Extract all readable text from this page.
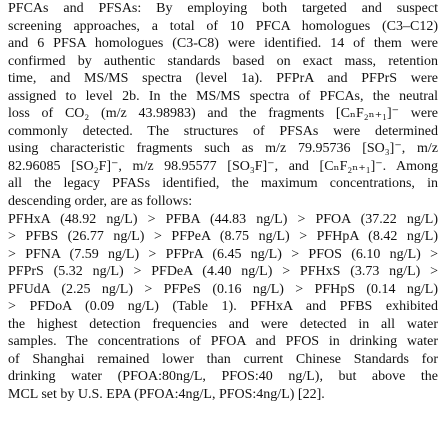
PFCAs and PFSAs: By employing both targeted and suspect
screening approaches, a total of 10 PFCA homologues (C3–C12)
and 6 PFSA homologues (C3-C8) were identified. 14 of them were
confirmed by authentic standards based on exact mass, retention
time, and MS/MS spectra (level 1a). PFPrA and PFPrS were
assigned to level 2b. In the MS/MS spectra of PFCAs, the neutral
loss of CO₂ (m/z 43.98983) and the fragments [CₙF₂ₙ₊₁]⁻ were
commonly detected. The structures of PFSAs were determined
using characteristic fragments such as m/z 79.95736 [SO₃]⁻, m/z
82.96085 [SO₂F]⁻, m/z 98.95577 [SO₃F]⁻, and [CₙF₂ₙ₊₁]⁻. Among
all the legacy PFASs identified, the maximum concentrations, in
descending order, are as follows:
PFHxA (48.92 ng/L) > PFBA (44.83 ng/L) > PFOA (37.22 ng/L)
> PFBS (26.77 ng/L) > PFPeA (8.75 ng/L) > PFHpA (8.42 ng/L)
> PFNA (7.59 ng/L) > PFPrA (6.45 ng/L) > PFOS (6.10 ng/L) >
PFPrS (5.32 ng/L) > PFDeA (4.40 ng/L) > PFHxS (3.73 ng/L) >
PFUdA (2.25 ng/L) > PFPeS (0.16 ng/L) > PFHpS (0.14 ng/L)
> PFDoA (0.09 ng/L) (Table 1). PFHxA and PFBS exhibited
the highest detection frequencies and were detected in all water
samples. The concentrations of PFOA and PFOS in drinking water
of Shanghai remained lower than current Chinese Standards for
drinking water (PFOA:80ng/L, PFOS:40 ng/L), but above the
MCL set by U.S. EPA (PFOA:4ng/L, PFOS:4ng/L) [22].
